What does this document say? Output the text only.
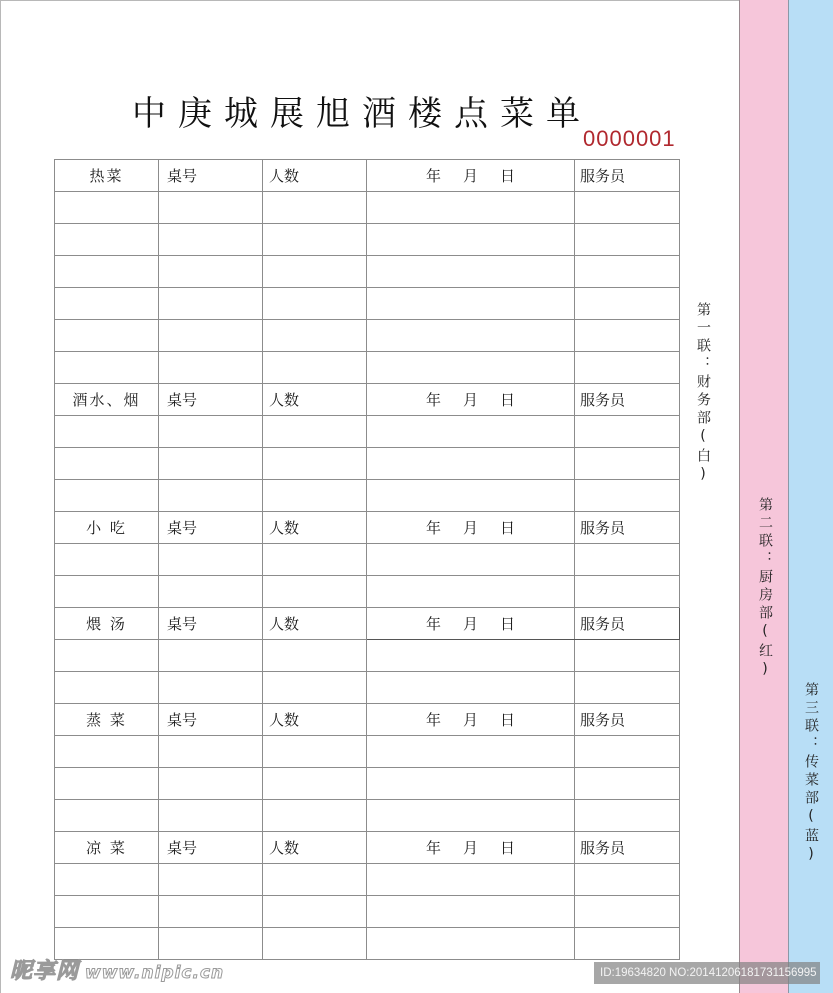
中庚城展旭酒楼点菜单
0000001
热菜	桌号	人数	年 月 日	服务员

酒水、烟	桌号	人数	年 月 日	服务员

小 吃	桌号	人数	年 月 日	服务员

煨 汤	桌号	人数	年 月 日	服务员

蒸 菜	桌号	人数	年 月 日	服务员

凉 菜	桌号	人数	年 月 日	服务员

第一联：财务部(白)
第二联：厨房部(红)
第三联：传菜部(蓝)
昵享网 www.nipic.cn	ID:19634820 NO:20141206181731156995
